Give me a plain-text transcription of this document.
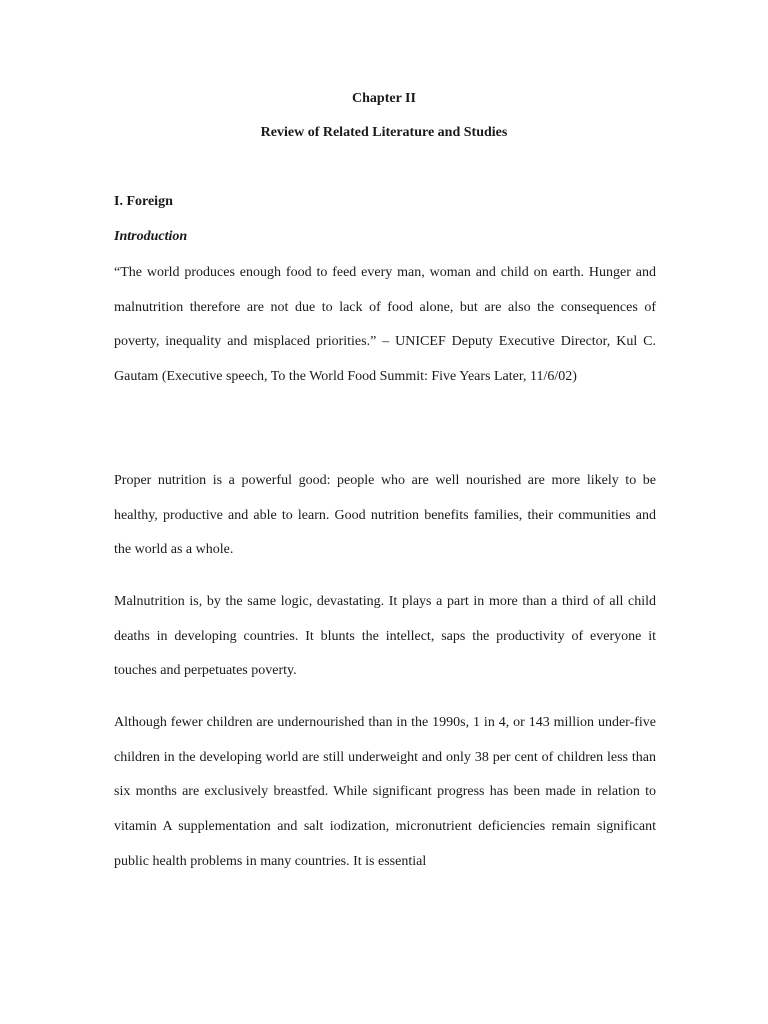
Chapter II
Review of Related Literature and Studies
I. Foreign
Introduction

“The world produces enough food to feed every man, woman and child on earth. Hunger and malnutrition therefore are not due to lack of food alone, but are also the consequences of poverty, inequality and misplaced priorities.” – UNICEF Deputy Executive Director, Kul C. Gautam (Executive speech, To the World Food Summit: Five Years Later, 11/6/02)

Proper nutrition is a powerful good: people who are well nourished are more likely to be healthy, productive and able to learn. Good nutrition benefits families, their communities and the world as a whole.

Malnutrition is, by the same logic, devastating. It plays a part in more than a third of all child deaths in developing countries. It blunts the intellect, saps the productivity of everyone it touches and perpetuates poverty.

Although fewer children are undernourished than in the 1990s, 1 in 4, or 143 million under-five children in the developing world are still underweight and only 38 per cent of children less than six months are exclusively breastfed. While significant progress has been made in relation to vitamin A supplementation and salt iodization, micronutrient deficiencies remain significant public health problems in many countries. It is essential
